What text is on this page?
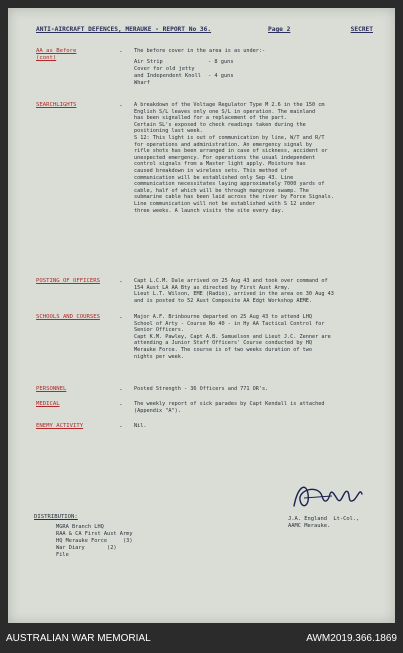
ANTI-AIRCRAFT DEFENCES, MERAUKE - REPORT No 36.	Page 2	SECRET
AA as Before
(cont)
- The before cover in the area is as under:-
Air Strip	- 8 guns
Cover for old jetty
and Independent Knoll - 4 guns
Wharf
SEARCHLIGHTS	- A breakdown of the Voltage Regulator Type M 2.6 in the 150 cm
English S/L leaves only one S/L in operation. The mainland
has been signalled for a replacement of the part.
Certain SL's exposed to check readings taken during the
positioning last week.
S 12: This light is out of communication by line, W/T and R/T
for operations and administration. An emergency signal by
rifle shots has been arranged in case of sickness, accident or
unexpected emergency. For operations the usual independent
control signals from a Master light apply. Moisture has
caused breakdown in wireless sets. This method of
communication will be established only Sep 43. Line
communication necessitates laying approximately 7000 yards of
cable, half of which will be through mangrove swamp. The
submarine cable has been laid across the river by Force Signals.
Line communication will not be established with S 12 under
three weeks. A launch visits the site every day.
POSTING OF OFFICERS	- Capt L.C.M. Dale arrived on 25 Aug 43 and took over command of
154 Aust LA AA Bty as directed by First Aust Army.
Lieut L.T. Wilson, EME (Radio), arrived in the area on 30 Aug 43
and is posted to 52 Aust Composite AA Edgt Workshop AEME.
SCHOOLS AND COURSES	- Major A.F. Brinbourne departed on 25 Aug 43 to attend LHQ
School of Arty - Course No 40 - in Hy AA Tactical Control for
Senior Officers.
Capt K.M. Pawley, Capt A.B. Samuelson and Lieut J.C. Zenner are
attending a Junior Staff Officers' Course conducted by HQ
Merauke Force. The course is of two weeks duration of two
nights per week.
PERSONNEL	- Posted Strength - 36 Officers and 771 OR's.
MEDICAL	- The weekly report of sick parades by Capt Kendall is attached
(Appendix "A").
ENEMY ACTIVITY	- Nil.
J.A. England  Lt-Col.,
AAMC Merauke.
DISTRIBUTION:
MGRA Branch LHQ
RAA & CA First Aust Army
HQ Merauke Force     (3)
War Diary       (2)
File
AUSTRALIAN WAR MEMORIAL	AWM2019.366.1869
